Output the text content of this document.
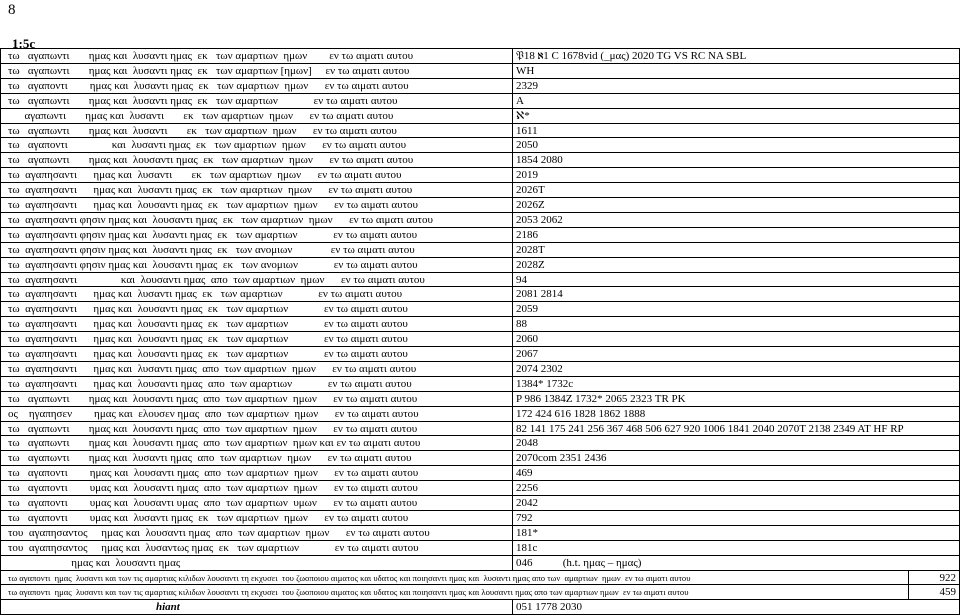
8
1:5c
τω   αγαπωντι       ημας και  λυσαντι ημας  εκ   των αμαρτιων  ημων        εν τω αιματι αυτου	𝔓18 ℵ1 C 1678vid (_μας) 2020 TG VS RC NA SBL
τω   αγαπωντι       ημας και  λυσαντι ημας  εκ   των αμαρτιων [ημων]     εν τω αιματι αυτου	WH
τω   αγαποντι        ημας και  λυσαντι ημας  εκ   των αμαρτιων  ημων      εν τω αιματι αυτου	2329
τω   αγαπωντι       ημας και  λυσαντι ημας  εκ   των αμαρτιων             εν τω αιματι αυτου	A
αγαπωντι       ημας και  λυσαντι       εκ   των αμαρτιων  ημων      εν τω αιματι αυτου	ℵ*
τω   αγαπωντι       ημας και  λυσαντι       εκ   των αμαρτιων  ημων      εν τω αιματι αυτου	1611
τω   αγαποντι                και  λυσαντι ημας  εκ   των αμαρτιων  ημων      εν τω αιματι αυτου	2050
τω   αγαπωντι       ημας και  λουσαντι ημας  εκ   των αμαρτιων  ημων      εν τω αιματι αυτου	1854 2080
τω  αγαπησαντι      ημας και  λυσαντι       εκ   των αμαρτιων  ημων      εν τω αιματι αυτου	2019
τω  αγαπησαντι      ημας και  λυσαντι ημας  εκ   των αμαρτιων  ημων      εν τω αιματι αυτου	2026T
τω  αγαπησαντι      ημας και  λουσαντι ημας  εκ   των αμαρτιων  ημων      εν τω αιματι αυτου	2026Z
τω  αγαπησαντι φησιν ημας και  λουσαντι ημας  εκ   των αμαρτιων  ημων      εν τω αιματι αυτου	2053 2062
τω  αγαπησαντι φησιν ημας και  λυσαντι ημας  εκ   των αμαρτιων             εν τω αιματι αυτου	2186
τω  αγαπησαντι φησιν ημας και  λυσαντι ημας  εκ   των ανομιων              εν τω αιματι αυτου	2028T
τω  αγαπησαντι φησιν ημας και  λουσαντι ημας  εκ   των ανομιων             εν τω αιματι αυτου	2028Z
τω  αγαπησαντι                και  λουσαντι ημας  απο  των αμαρτιων  ημων      εν τω αιματι αυτου	94
τω  αγαπησαντι      ημας και  λυσαντι ημας  εκ   των αμαρτιων             εν τω αιματι αυτου	2081 2814
τω  αγαπησαντι      ημας και  λουσαντι ημας  εκ   των αμαρτιων             εν τω αιματι αυτου	2059
τω  αγαπησαντι      ημας και  λουσαντι ημας  εκ   των αμαρτιων             εν τω αιματι αυτου	88
τω  αγαπησαντι      ημας και  λουσαντι ημας  εκ   των αμαρτιων             εν τω αιματι αυτου	2060
τω  αγαπησαντι      ημας και  λουσαντι ημας  εκ   των αμαρτιων             εν τω αιματι αυτου	2067
τω  αγαπησαντι      ημας και  λυσαντι ημας  απο  των αμαρτιων  ημων      εν τω αιματι αυτου	2074 2302
τω  αγαπησαντι      ημας και  λουσαντι ημας  απο  των αμαρτιων             εν τω αιματι αυτου	1384* 1732c
τω   αγαπωντι       ημας και  λουσαντι ημας  απο  των αμαρτιων  ημων      εν τω αιματι αυτου	P 986 1384Z 1732* 2065 2323 TR PK
ος    ηγαπησεν        ημας και  ελουσεν ημας  απο  των αμαρτιων  ημων      εν τω αιματι αυτου	172 424 616 1828 1862 1888
τω   αγαπωντι       ημας και  λουσαντι ημας  απο  των αμαρτιων  ημων      εν τω αιματι αυτου	82 141 175 241 256 367 468 506 627 920 1006 1841 2040 2070T 2138 2349 AT HF RP
τω   αγαπωντι       ημας και  λουσαντι ημας  απο  των αμαρτιων  ημων και εν τω αιματι αυτου	2048
τω   αγαπωντι       ημας και  λυσαντι ημας  απο  των αμαρτιων  ημων      εν τω αιματι αυτου	2070com 2351 2436
τω   αγαποντι        ημας και  λουσαντι ημας  απο  των αμαρτιων  ημων      εν τω αιματι αυτου	469
τω   αγαποντι        υμας και  λουσαντι ημας  απο  των αμαρτιων  ημων      εν τω αιματι αυτου	2256
τω   αγαποντι        υμας και  λουσαντι υμας  απο  των αμαρτιων  υμων      εν τω αιματι αυτου	2042
τω   αγαποντι        υμας και  λυσαντι ημας  εκ   των αμαρτιων  ημων      εν τω αιματι αυτου	792
του  αγαπησαντος     ημας και  λουσαντι ημας  απο  των αμαρτιων  ημων      εν τω αιματι αυτου	181*
του  αγαπησαντος     ημας και  λυσαντως ημας  εκ   των αμαρτιων             εν τω αιματι αυτου	181c
ημας και  λουσαντι ημας	046           (h.t. ημας – ημας)
τω αγαποντι  ημας  λυσαντι και των τις αμαρτιας κιλιδων λουσαντι τη εκχυσει  του ζωοποιου αιματος και υδατος και ποιησαντι ημας και  λυσαντι ημας απο των  αμαρτιων  ημων  εν τω αιματι αυτου	922
τω αγαποντι  ημας  λυσαντι και των τις αμαρτιας κιλιδων λουσαντι τη εκχυσει  του ζωοποιου αιματος και υδατος και ποιησαντι ημας και λουσαντι ημας απο των αμαρτιων ημων  εν τω αιματι αυτου	459
hiant	051 1778 2030
